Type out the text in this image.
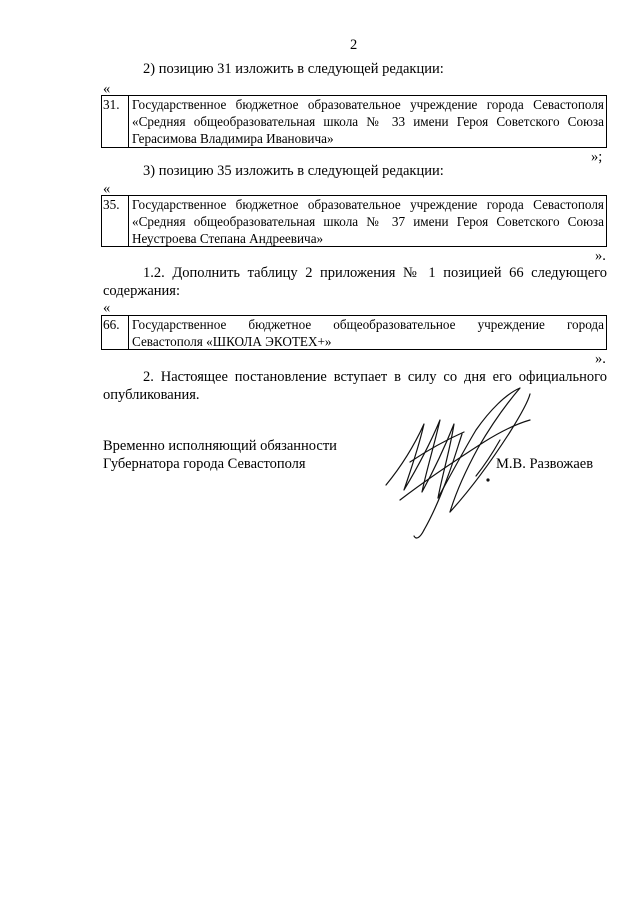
2
2) позицию 31 изложить в следующей редакции:
«
31. Государственное бюджетное образовательное учреждение города Севастополя
«Средняя общеобразовательная школа № 33 имени Героя Советского Союза
Герасимова Владимира Ивановича»
»;
3) позицию 35 изложить в следующей редакции:
«
35. Государственное бюджетное образовательное учреждение города Севастополя
«Средняя общеобразовательная школа № 37 имени Героя Советского Союза
Неустроева Степана Андреевича»
».
1.2. Дополнить таблицу 2 приложения № 1 позицией 66 следующего
содержания:
«
66. Государственное бюджетное общеобразовательное учреждение города
Севастополя «ШКОЛА ЭКОТЕХ+»
».
2. Настоящее постановление вступает в силу со дня его официального
опубликования.
Временно исполняющий обязанности
Губернатора города Севастополя	М.В. Развожаев
